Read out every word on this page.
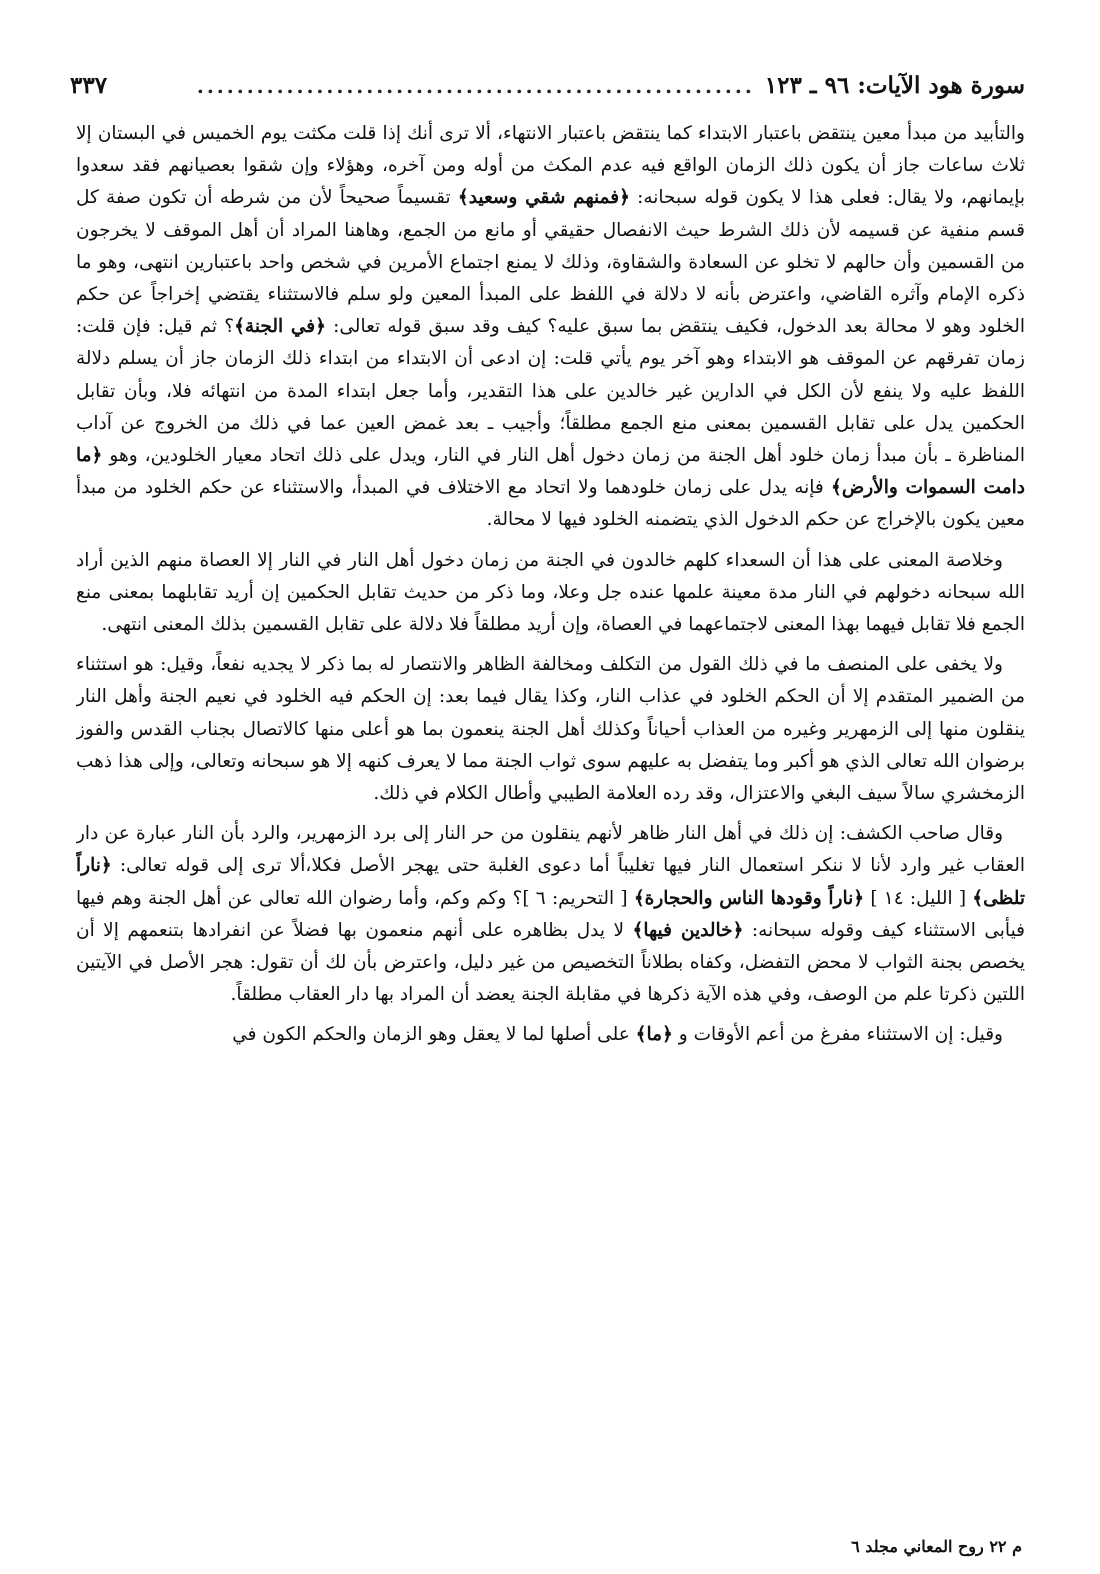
سورة هود الآيات: ٩٦ ـ ١٢٣
........................................................
٣٣٧

والتأبيد من مبدأ معين ينتقض باعتبار الابتداء كما ينتقض باعتبار الانتهاء، ألا ترى أنك إذا قلت مكثت يوم الخميس في البستان إلا ثلاث ساعات جاز أن يكون ذلك الزمان الواقع فيه عدم المكث من أوله ومن آخره، وهؤلاء وإن شقوا بعصيانهم فقد سعدوا بإيمانهم، ولا يقال: فعلى هذا لا يكون قوله سبحانه: ﴿فمنهم شقي وسعيد﴾ تقسيماً صحيحاً لأن من شرطه أن تكون صفة كل قسم منفية عن قسيمه لأن ذلك الشرط حيث الانفصال حقيقي أو مانع من الجمع، وهاهنا المراد أن أهل الموقف لا يخرجون من القسمين وأن حالهم لا تخلو عن السعادة والشقاوة، وذلك لا يمنع اجتماع الأمرين في شخص واحد باعتبارين انتهى، وهو ما ذكره الإمام وآثره القاضي، واعترض بأنه لا دلالة في اللفظ على المبدأ المعين ولو سلم فالاستثناء يقتضي إخراجاً عن حكم الخلود وهو لا محالة بعد الدخول، فكيف ينتقض بما سبق عليه؟ كيف وقد سبق قوله تعالى: ﴿في الجنة﴾؟ ثم قيل: فإن قلت: زمان تفرقهم عن الموقف هو الابتداء وهو آخر يوم يأتي قلت: إن ادعى أن الابتداء من ابتداء ذلك الزمان جاز أن يسلم دلالة اللفظ عليه ولا ينفع لأن الكل في الدارين غير خالدين على هذا التقدير، وأما جعل ابتداء المدة من انتهائه فلا، وبأن تقابل الحكمين يدل على تقابل القسمين بمعنى منع الجمع مطلقاً؛ وأجيب ـ بعد غمض العين عما في ذلك من الخروج عن آداب المناظرة ـ بأن مبدأ زمان خلود أهل الجنة من زمان دخول أهل النار في النار، ويدل على ذلك اتحاد معيار الخلودين، وهو ﴿ما دامت السموات والأرض﴾ فإنه يدل على زمان خلودهما ولا اتحاد مع الاختلاف في المبدأ، والاستثناء عن حكم الخلود من مبدأ معين يكون بالإخراج عن حكم الدخول الذي يتضمنه الخلود فيها لا محالة.

وخلاصة المعنى على هذا أن السعداء كلهم خالدون في الجنة من زمان دخول أهل النار في النار إلا العصاة منهم الذين أراد الله سبحانه دخولهم في النار مدة معينة علمها عنده جل وعلا، وما ذكر من حديث تقابل الحكمين إن أريد تقابلهما بمعنى منع الجمع فلا تقابل فيهما بهذا المعنى لاجتماعهما في العصاة، وإن أريد مطلقاً فلا دلالة على تقابل القسمين بذلك المعنى انتهى.

ولا يخفى على المنصف ما في ذلك القول من التكلف ومخالفة الظاهر والانتصار له بما ذكر لا يجديه نفعاً، وقيل: هو استثناء من الضمير المتقدم إلا أن الحكم الخلود في عذاب النار، وكذا يقال فيما بعد: إن الحكم فيه الخلود في نعيم الجنة وأهل النار ينقلون منها إلى الزمهرير وغيره من العذاب أحياناً وكذلك أهل الجنة ينعمون بما هو أعلى منها كالاتصال بجناب القدس والفوز برضوان الله تعالى الذي هو أكبر وما يتفضل به عليهم سوى ثواب الجنة مما لا يعرف كنهه إلا هو سبحانه وتعالى، وإلى هذا ذهب الزمخشري سالاً سيف البغي والاعتزال، وقد رده العلامة الطيبي وأطال الكلام في ذلك.

وقال صاحب الكشف: إن ذلك في أهل النار ظاهر لأنهم ينقلون من حر النار إلى برد الزمهرير، والرد بأن النار عبارة عن دار العقاب غير وارد لأنا لا ننكر استعمال النار فيها تغليباً أما دعوى الغلبة حتى يهجر الأصل فكلا،ألا ترى إلى قوله تعالى: ﴿ناراً تلظى﴾ [ الليل: ١٤ ] ﴿ناراً وقودها الناس والحجارة﴾ [ التحريم: ٦ ]؟ وكم وكم، وأما رضوان الله تعالى عن أهل الجنة وهم فيها فيأبى الاستثناء كيف وقوله سبحانه: ﴿خالدين فيها﴾ لا يدل بظاهره على أنهم منعمون بها فضلاً عن انفرادها بتنعمهم إلا أن يخصص بجنة الثواب لا محض التفضل، وكفاه بطلاناً التخصيص من غير دليل، واعترض بأن لك أن تقول: هجر الأصل في الآيتين اللتين ذكرتا علم من الوصف، وفي هذه الآية ذكرها في مقابلة الجنة يعضد أن المراد بها دار العقاب مطلقاً.

وقيل: إن الاستثناء مفرغ من أعم الأوقات و ﴿ما﴾ على أصلها لما لا يعقل وهو الزمان والحكم الكون في

م ٢٢ روح المعاني مجلد ٦
